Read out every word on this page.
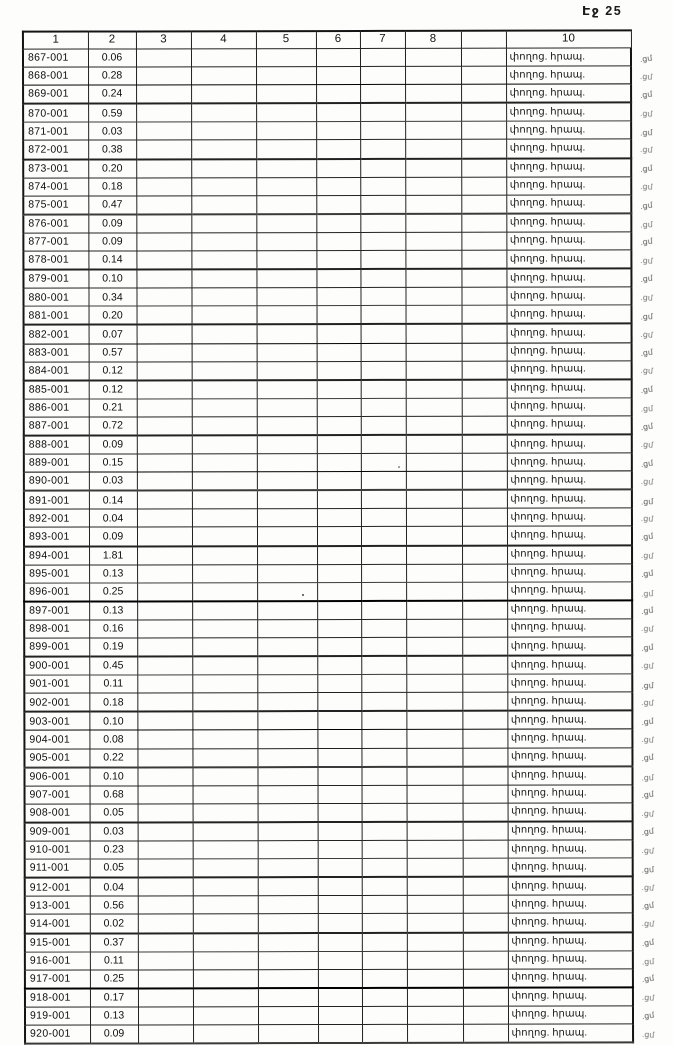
Էջ 25
1	2	3	4	5	6	7	8		10	
867-001	0.06								փողոց. հրապ.	.ցմ
868-001	0.28								փողոց. հրապ.	.ցմ
869-001	0.24								փողոց. հրապ.	.ցմ
870-001	0.59								փողոց. հրապ.	.ցմ
871-001	0.03								փողոց. հրապ.	.ցմ
872-001	0.38								փողոց. հրապ.	.ցմ
873-001	0.20								փողոց. հրապ.	.ցմ
874-001	0.18								փողոց. հրապ.	.ցմ
875-001	0.47								փողոց. հրապ.	.ցմ
876-001	0.09								փողոց. հրապ.	.ցմ
877-001	0.09								փողոց. հրապ.	.ցմ
878-001	0.14								փողոց. հրապ.	.ցմ
879-001	0.10								փողոց. հրապ.	.ցմ
880-001	0.34								փողոց. հրապ.	.ցմ
881-001	0.20								փողոց. հրապ.	.ցմ
882-001	0.07								փողոց. հրապ.	.ցմ
883-001	0.57								փողոց. հրապ.	.ցմ
884-001	0.12								փողոց. հրապ.	.ցմ
885-001	0.12								փողոց. հրապ.	.ցմ
886-001	0.21								փողոց. հրապ.	.ցմ
887-001	0.72								փողոց. հրապ.	.ցմ
888-001	0.09								փողոց. հրապ.	.ցմ
889-001	0.15								փողոց. հրապ.	.ցմ
890-001	0.03								փողոց. հրապ.	.ցմ
891-001	0.14								փողոց. հրապ.	.ցմ
892-001	0.04								փողոց. հրապ.	.ցմ
893-001	0.09								փողոց. հրապ.	.ցմ
894-001	1.81								փողոց. հրապ.	.ցմ
895-001	0.13								փողոց. հրապ.	.ցմ
896-001	0.25								փողոց. հրապ.	.ցմ
897-001	0.13								փողոց. հրապ.	.ցմ
898-001	0.16								փողոց. հրապ.	.ցմ
899-001	0.19								փողոց. հրապ.	.ցմ
900-001	0.45								փողոց. հրապ.	.ցմ
901-001	0.11								փողոց. հրապ.	.ցմ
902-001	0.18								փողոց. հրապ.	.ցմ
903-001	0.10								փողոց. հրապ.	.ցմ
904-001	0.08								փողոց. հրապ.	.ցմ
905-001	0.22								փողոց. հրապ.	.ցմ
906-001	0.10								փողոց. հրապ.	.ցմ
907-001	0.68								փողոց. հրապ.	.ցմ
908-001	0.05								փողոց. հրապ.	.ցմ
909-001	0.03								փողոց. հրապ.	.ցմ
910-001	0.23								փողոց. հրապ.	.ցմ
911-001	0.05								փողոց. հրապ.	.ցմ
912-001	0.04								փողոց. հրապ.	.ցմ
913-001	0.56								փողոց. հրապ.	.ցմ
914-001	0.02								փողոց. հրապ.	.ցմ
915-001	0.37								փողոց. հրապ.	.ցմ
916-001	0.11								փողոց. հրապ.	.ցմ
917-001	0.25								փողոց. հրապ.	.ցմ
918-001	0.17								փողոց. հրապ.	.ցմ
919-001	0.13								փողոց. հրապ.	.ցմ
920-001	0.09								փողոց. հրապ.	.ցմ
